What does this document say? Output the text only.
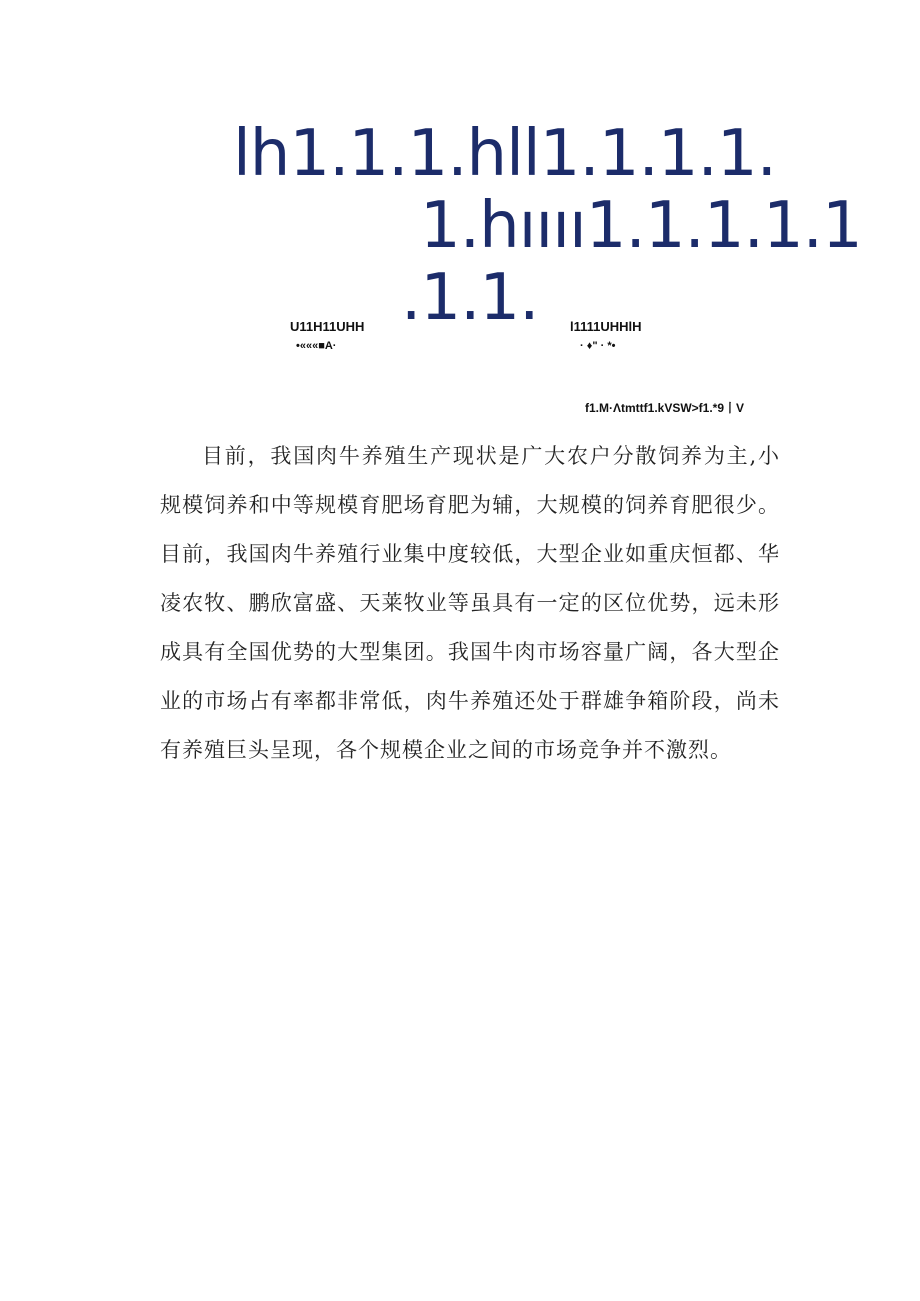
lh1.1.1.hll1.1.1.1.
1.hıııı1.1.1.1.1
.1.1.
U11H11UHH
•«««■A·
l1111UHHlH
· ♦" · *•
f1.M·Λtmttf1.kVSW>f1.*9丨V

目前，我国肉牛养殖生产现状是广大农户分散饲养为主,小规模饲养和中等规模育肥场育肥为辅，大规模的饲养育肥很少。目前，我国肉牛养殖行业集中度较低，大型企业如重庆恒都、华凌农牧、鹏欣富盛、天莱牧业等虽具有一定的区位优势，远未形成具有全国优势的大型集团。我国牛肉市场容量广阔，各大型企业的市场占有率都非常低，肉牛养殖还处于群雄争箱阶段，尚未有养殖巨头呈现，各个规模企业之间的市场竞争并不激烈。
